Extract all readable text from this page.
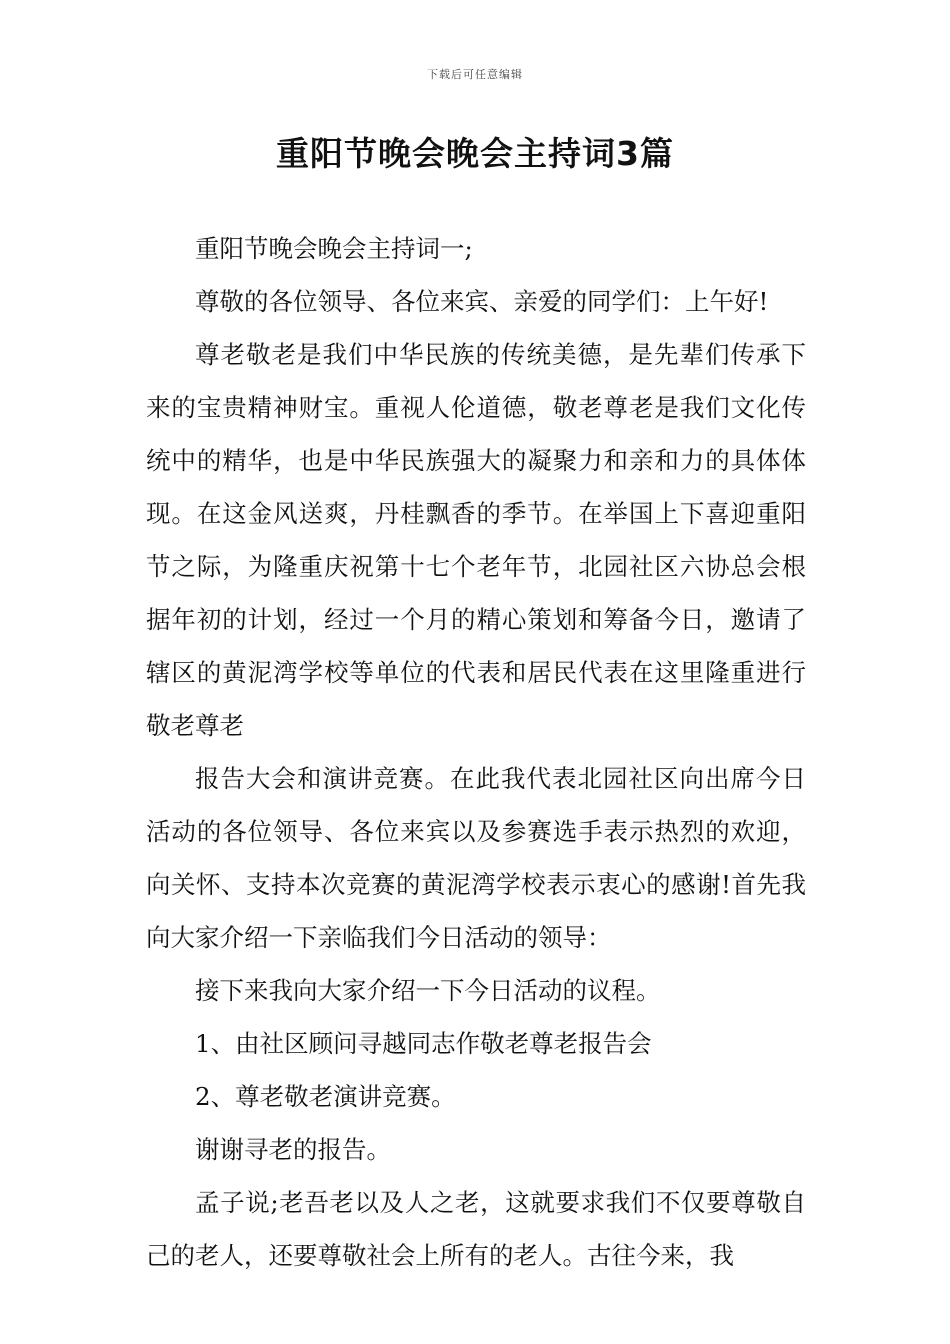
下载后可任意编辑
重阳节晚会晚会主持词3篇

重阳节晚会晚会主持词一;

尊敬的各位领导、各位来宾、亲爱的同学们：上午好!

尊老敬老是我们中华民族的传统美德，是先辈们传承下来的宝贵精神财宝。重视人伦道德，敬老尊老是我们文化传统中的精华，也是中华民族强大的凝聚力和亲和力的具体体现。在这金风送爽，丹桂飘香的季节。在举国上下喜迎重阳节之际，为隆重庆祝第十七个老年节，北园社区六协总会根据年初的计划，经过一个月的精心策划和筹备今日，邀请了辖区的黄泥湾学校等单位的代表和居民代表在这里隆重进行敬老尊老

报告大会和演讲竞赛。在此我代表北园社区向出席今日活动的各位领导、各位来宾以及参赛选手表示热烈的欢迎，向关怀、支持本次竞赛的黄泥湾学校表示衷心的感谢!首先我向大家介绍一下亲临我们今日活动的领导：

接下来我向大家介绍一下今日活动的议程。

1、由社区顾问寻越同志作敬老尊老报告会

2、尊老敬老演讲竞赛。

谢谢寻老的报告。

孟子说;老吾老以及人之老，这就要求我们不仅要尊敬自己的老人，还要尊敬社会上所有的老人。古往今来，我
